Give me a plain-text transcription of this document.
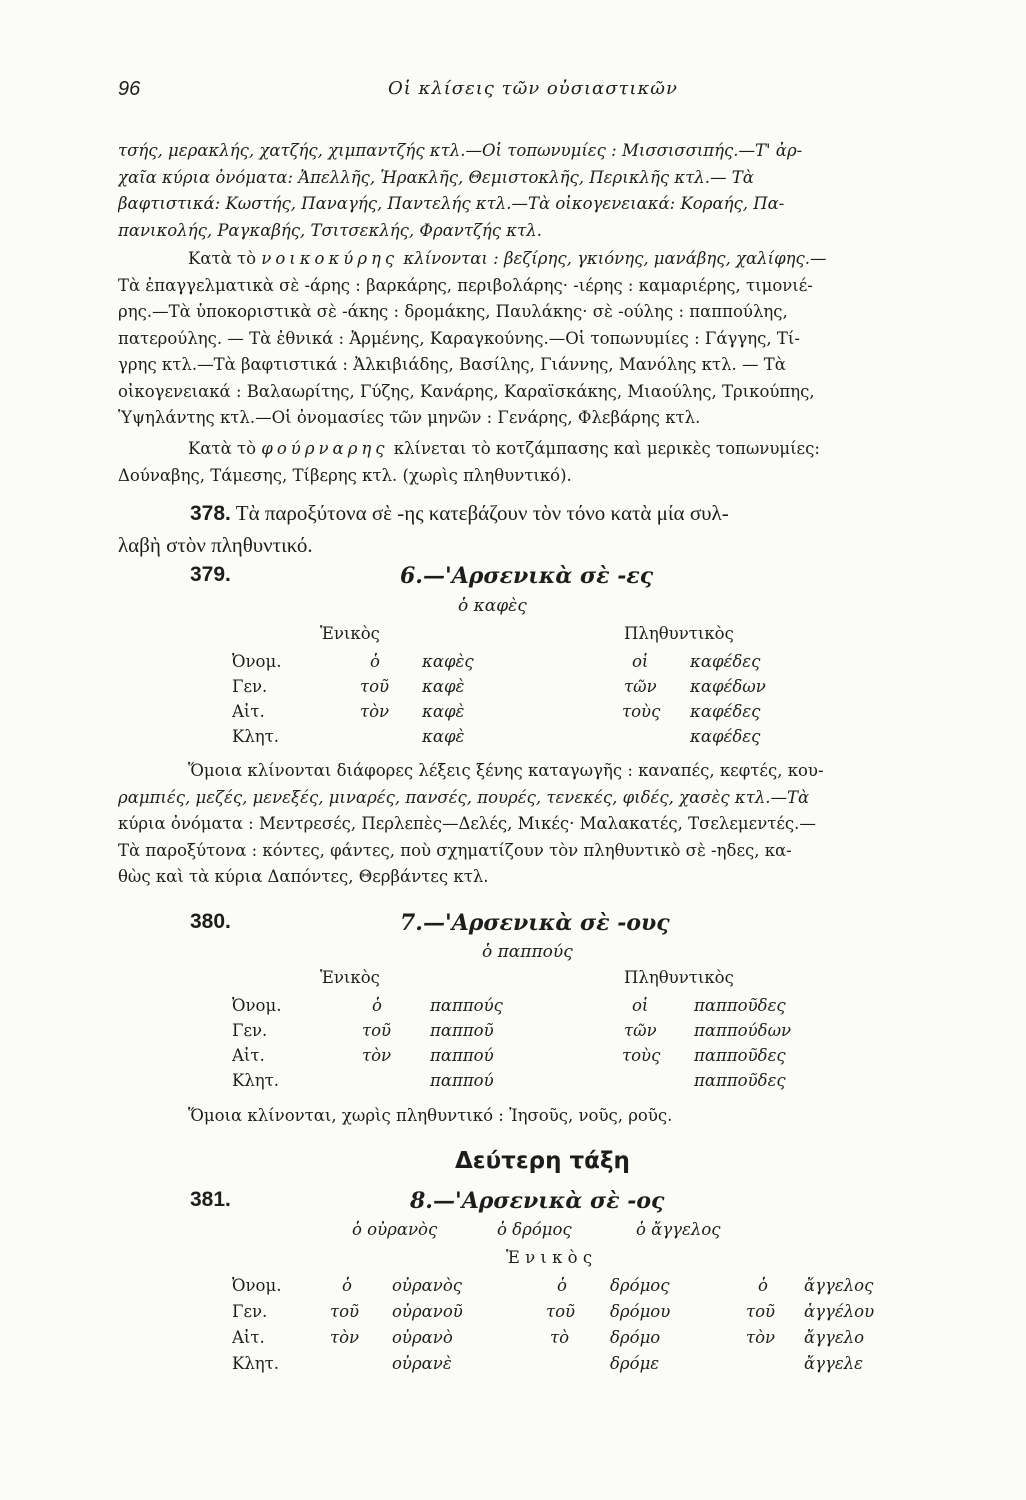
96	Οἱ κλίσεις τῶν οὐσιαστικῶν
τσής, μερακλής, χατζής, χιμπαντζής κτλ.—Οἱ τοπωνυμίες : Μισσισσιπής.—Τ' ἀρ-
χαῖα κύρια ὀνόματα: Ἀπελλῆς, Ἡρακλῆς, Θεμιστοκλῆς, Περικλῆς κτλ.— Τὰ
βαφτιστικά: Κωστής, Παναγής, Παντελής κτλ.—Τὰ οἰκογενειακά: Κοραής, Πα-
πανικολής, Ραγκαβής, Τσιτσεκλής, Φραντζής κτλ.
Κατὰ τὸ νοικοκύρης κλίνονται : βεζίρης, γκιόνης, μανάβης, χαλίφης.—
Τὰ ἐπαγγελματικὰ σὲ -άρης : βαρκάρης, περιβολάρης· -ιέρης : καμαριέρης, τιμονιέ-
ρης.—Τὰ ὑποκοριστικὰ σὲ -άκης : δρομάκης, Παυλάκης· σὲ -ούλης : παππούλης,
πατερούλης. — Τὰ ἐθνικά : Ἀρμένης, Καραγκούνης.—Οἱ τοπωνυμίες : Γάγγης, Τί-
γρης κτλ.—Τὰ βαφτιστικά : Ἀλκιβιάδης, Βασίλης, Γιάννης, Μανόλης κτλ. — Τὰ
οἰκογενειακά : Βαλαωρίτης, Γύζης, Κανάρης, Καραϊσκάκης, Μιαούλης, Τρικούπης,
Ὑψηλάντης κτλ.—Οἱ ὀνομασίες τῶν μηνῶν : Γενάρης, Φλεβάρης κτλ.
Κατὰ τὸ φούρναρης κλίνεται τὸ κοτζάμπασης καὶ μερικὲς τοπωνυμίες:
Δούναβης, Τάμεσης, Τίβερης κτλ. (χωρὶς πληθυντικό).
378. Τὰ παροξύτονα σὲ -ης κατεβάζουν τὸν τόνο κατὰ μία συλ-
λαβὴ στὸν πληθυντικό.
379.	6.—'Αρσενικὰ σὲ -ες
ὁ καφὲς
Ἑνικὸς	Πληθυντικὸς
Ὀνομ.	ὁ	καφὲς	οἱ	καφέδες
Γεν.	τοῦ καφὲ	τῶν καφέδων
Αἰτ.	τὸν καφὲ	τοὺς καφέδες
Κλητ.	καφὲ	καφέδες
Ὅμοια κλίνονται διάφορες λέξεις ξένης καταγωγῆς : καναπές, κεφτές, κου-
ραμπιές, μεζές, μενεξές, μιναρές, πανσές, πουρές, τενεκές, φιδές, χασὲς κτλ.—Τὰ
κύρια ὀνόματα : Μεντρεσές, Περλεπὲς—Δελές, Μικές· Μαλακατές, Τσελεμεντές.—
Τὰ παροξύτονα : κόντες, φάντες, ποὺ σχηματίζουν τὸν πληθυντικὸ σὲ -ηδες, κα-
θὼς καὶ τὰ κύρια Δαπόντες, Θερβάντες κτλ.
380.	7.—'Αρσενικὰ σὲ -ους
ὁ παππούς
Ἑνικὸς	Πληθυντικὸς
Ὀνομ.	ὁ	παππούς	οἱ	παπποῦδες
Γεν.	τοῦ παπποῦ	τῶν παππούδων
Αἰτ.	τὸν παππού	τοὺς παπποῦδες
Κλητ.	παππού	παπποῦδες
Ὅμοια κλίνονται, χωρὶς πληθυντικό : Ἰησοῦς, νοῦς, ροῦς.
Δεύτερη τάξη
381.	8.—'Αρσενικὰ σὲ -ος
ὁ οὐρανὸς	ὁ δρόμος	ὁ ἄγγελος
Ἑ ν ι κ ὸ ς
Ὀνομ.	ὁ οὐρανὸς	ὁ	δρόμος	ὁ ἄγγελος
Γεν.	τοῦ οὐρανοῦ	τοῦ δρόμου	τοῦ ἀγγέλου
Αἰτ.	τὸν οὐρανὸ	τὸ δρόμο	τὸν ἄγγελο
Κλητ.	οὐρανὲ	δρόμε	ἄγγελε
